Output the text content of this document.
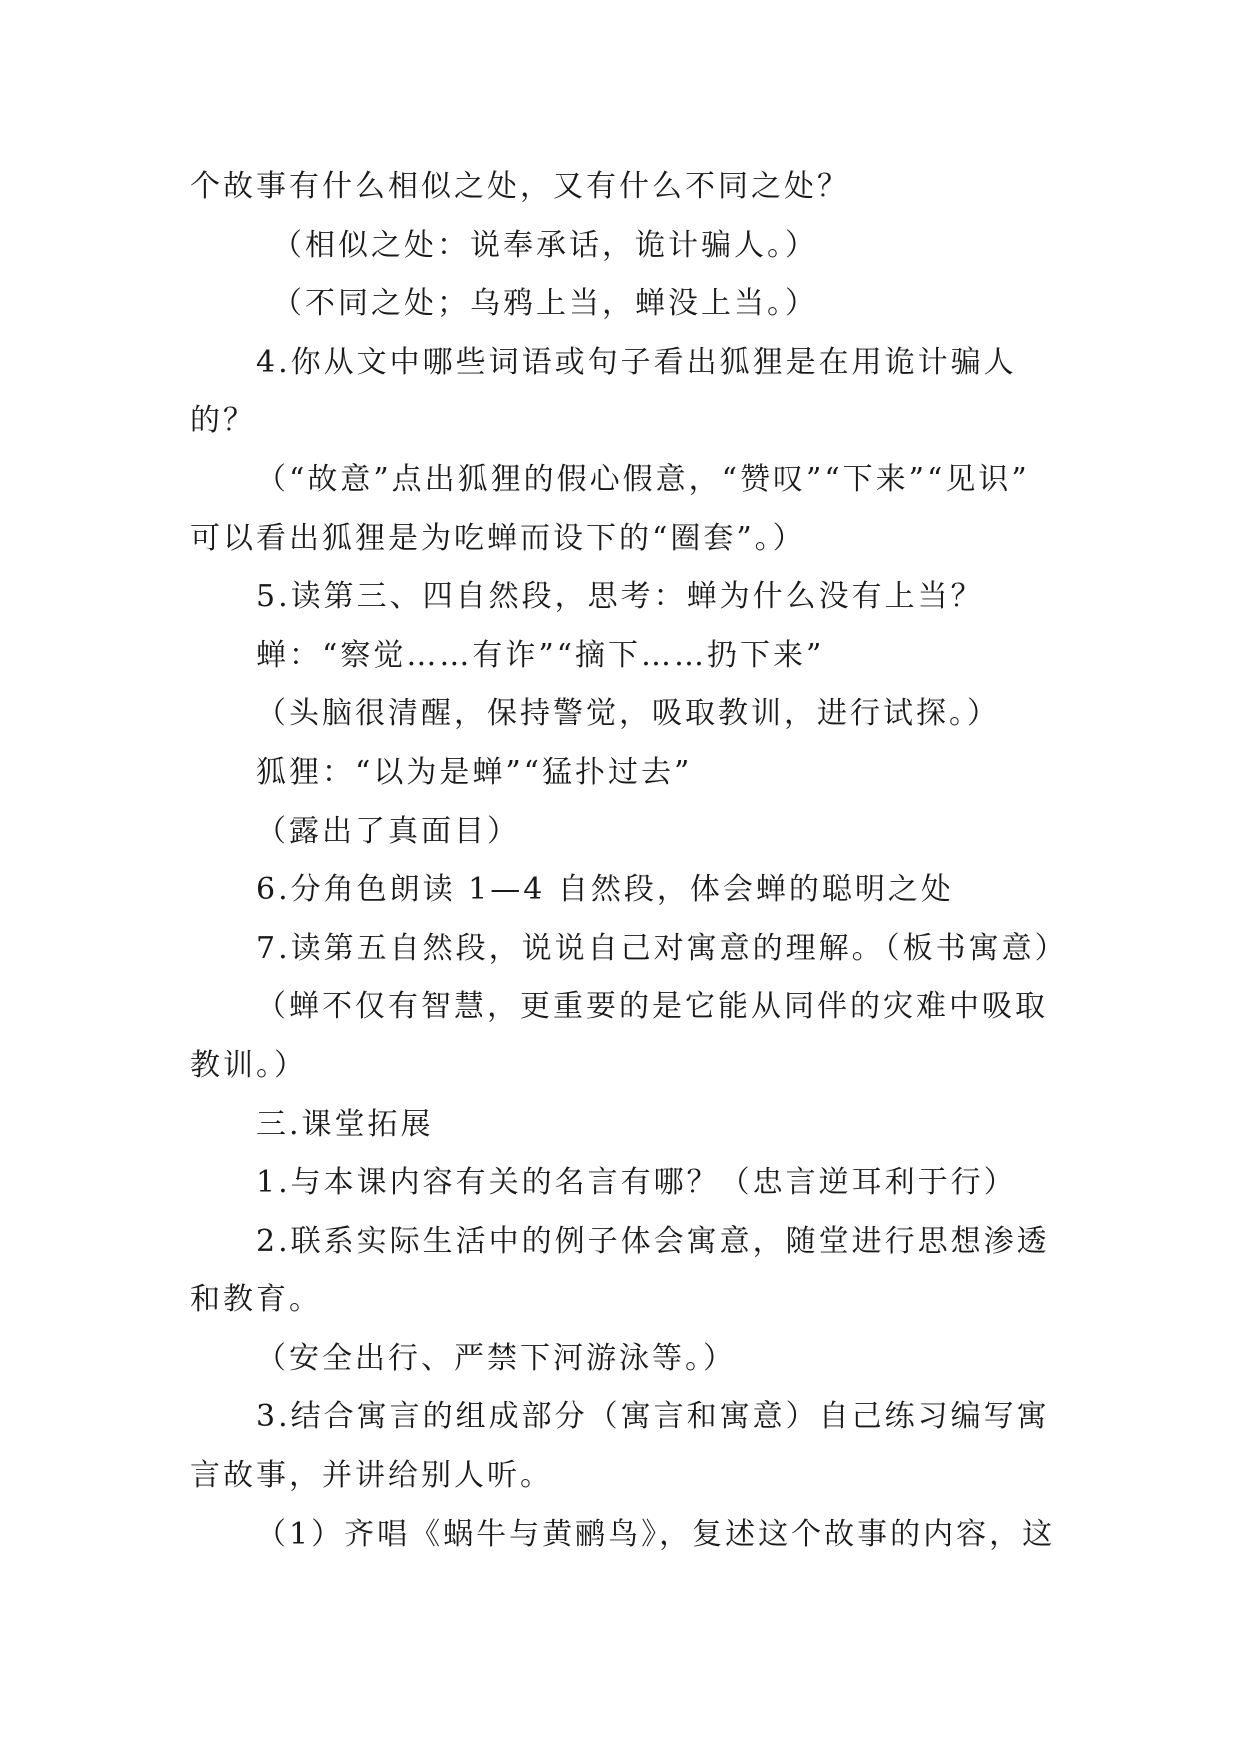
个故事有什么相似之处，又有什么不同之处？
（相似之处：说奉承话，诡计骗人。）
（不同之处；乌鸦上当，蝉没上当。）
4.你从文中哪些词语或句子看出狐狸是在用诡计骗人
的？
（“故意”点出狐狸的假心假意，“赞叹”“下来”“见识”
可以看出狐狸是为吃蝉而设下的“圈套”。）
5.读第三、四自然段，思考：蝉为什么没有上当？
蝉：“察觉……有诈”“摘下……扔下来”
（头脑很清醒，保持警觉，吸取教训，进行试探。）
狐狸：“以为是蝉”“猛扑过去”
（露出了真面目）
6.分角色朗读 1—4 自然段，体会蝉的聪明之处
7.读第五自然段，说说自己对寓意的理解。（板书寓意）
（蝉不仅有智慧，更重要的是它能从同伴的灾难中吸取
教训。）
三.课堂拓展
1.与本课内容有关的名言有哪？（忠言逆耳利于行）
2.联系实际生活中的例子体会寓意，随堂进行思想渗透
和教育。
（安全出行、严禁下河游泳等。）
3.结合寓言的组成部分（寓言和寓意）自己练习编写寓
言故事，并讲给别人听。
（1）齐唱《蜗牛与黄鹂鸟》，复述这个故事的内容，这
